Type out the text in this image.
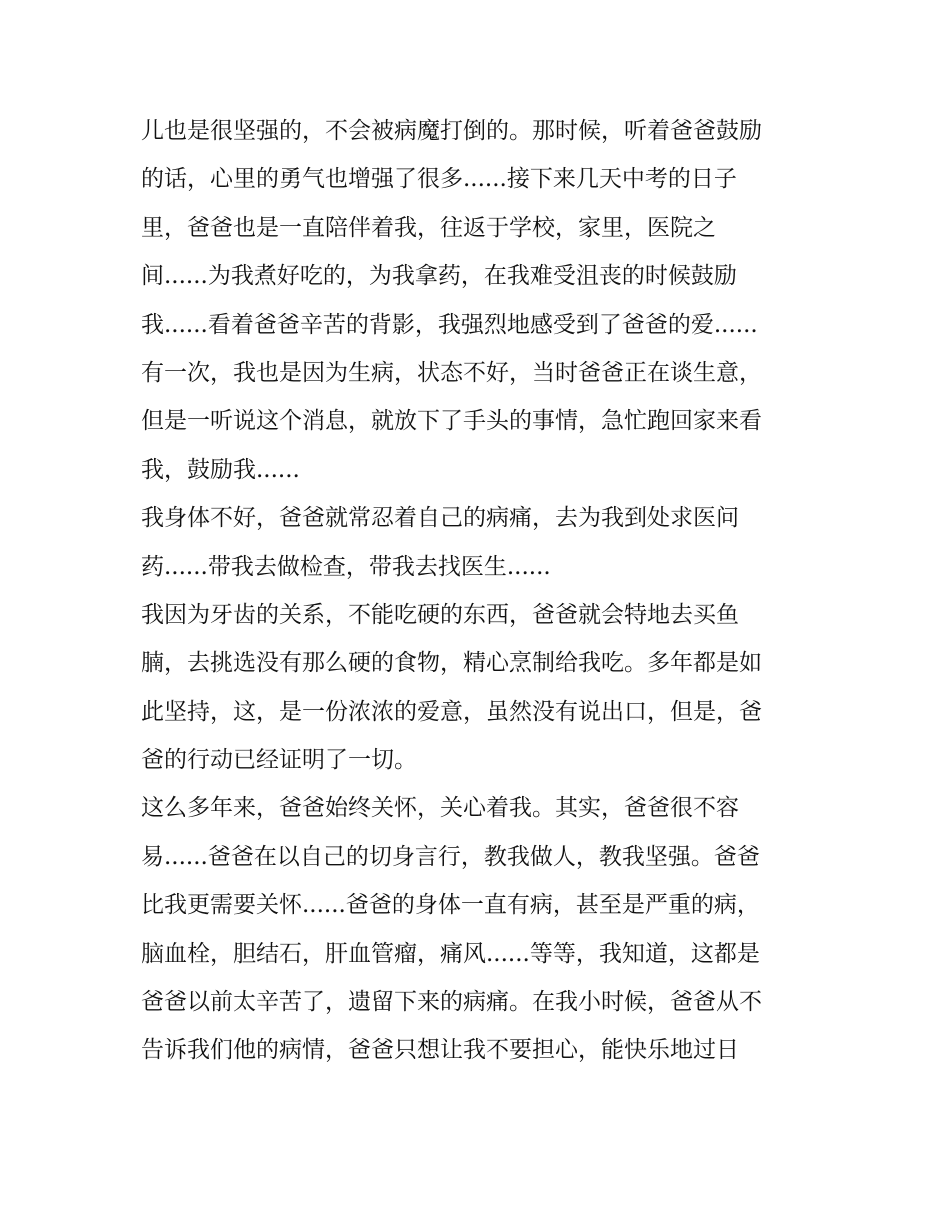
儿也是很坚强的，不会被病魔打倒的。那时候，听着爸爸鼓励
的话，心里的勇气也增强了很多......接下来几天中考的日子
里，爸爸也是一直陪伴着我，往返于学校，家里，医院之
间......为我煮好吃的，为我拿药，在我难受沮丧的时候鼓励
我......看着爸爸辛苦的背影，我强烈地感受到了爸爸的爱......
有一次，我也是因为生病，状态不好，当时爸爸正在谈生意，
但是一听说这个消息，就放下了手头的事情，急忙跑回家来看
我，鼓励我......
我身体不好，爸爸就常忍着自己的病痛，去为我到处求医问
药......带我去做检查，带我去找医生......
我因为牙齿的关系，不能吃硬的东西，爸爸就会特地去买鱼
腩，去挑选没有那么硬的食物，精心烹制给我吃。多年都是如
此坚持，这，是一份浓浓的爱意，虽然没有说出口，但是，爸
爸的行动已经证明了一切。
这么多年来，爸爸始终关怀，关心着我。其实，爸爸很不容
易......爸爸在以自己的切身言行，教我做人，教我坚强。爸爸
比我更需要关怀......爸爸的身体一直有病，甚至是严重的病，
脑血栓，胆结石，肝血管瘤，痛风......等等，我知道，这都是
爸爸以前太辛苦了，遗留下来的病痛。在我小时候，爸爸从不
告诉我们他的病情，爸爸只想让我不要担心，能快乐地过日
